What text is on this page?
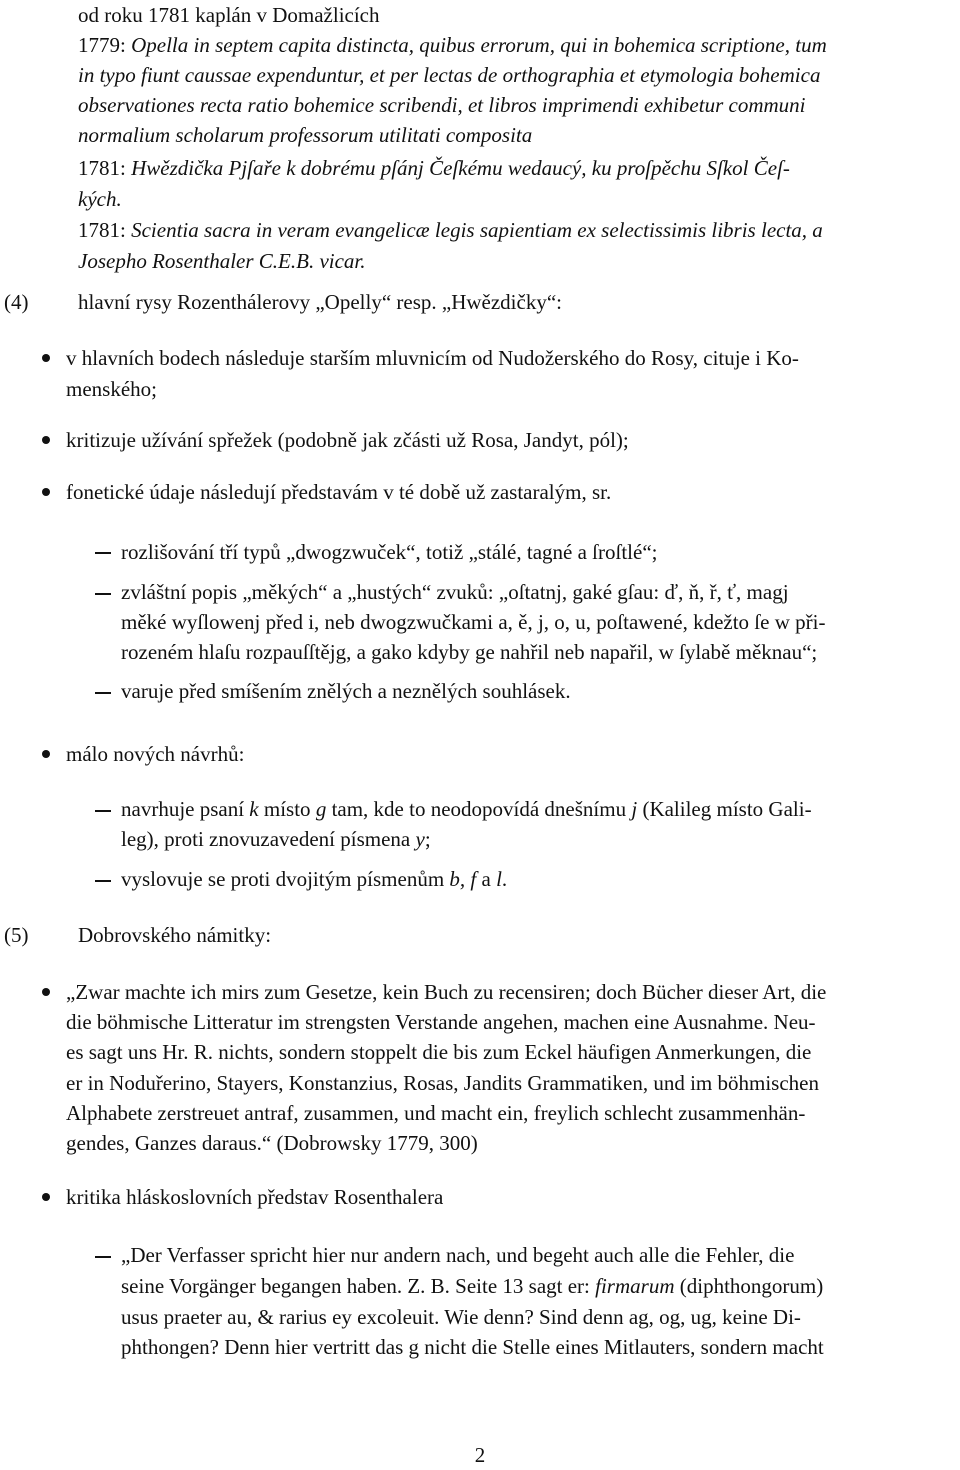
od roku 1781 kaplán v Domažlicích
1779: Opella in septem capita distincta, quibus errorum, qui in bohemica scriptione, tum
in typo fiunt caussae expenduntur, et per lectas de orthographia et etymologia bohemica
observationes recta ratio bohemice scribendi, et libros imprimendi exhibetur communi
normalium scholarum professorum utilitati composita
1781: Hwězdička Pjſaře k dobrému pſánj Čeſkému wedaucý, ku proſpěchu Sſkol Čeſ-
kých.
1781: Scientia sacra in veram evangelicæ legis sapientiam ex selectissimis libris lecta, a
Josepho Rosenthaler C.E.B. vicar.
(4) hlavní rysy Rozenthálerovy „Opelly“ resp. „Hwězdičky“:
v hlavních bodech následuje starším mluvnicím od Nudožerského do Rosy, cituje i Ko-
menského;
kritizuje užívání spřežek (podobně jak zčásti už Rosa, Jandyt, pól);
fonetické údaje následují představám v té době už zastaralým, sr.
rozlišování tří typů „dwogzwuček“, totiž „stálé, tagné a ſroſtlé“;
zvláštní popis „měkých“ a „hustých“ zvuků: „oſtatnj, gaké gſau: ď, ň, ř, ť, magj
měké wyſlowenj před i, neb dwogzwučkami a, ě, j, o, u, poſtawené, kdežto ſe w při-
rozeném hlaſu rozpauſſtějg, a gako kdyby ge nahřil neb napařil, w ſylabě měknau“;
varuje před smíšením znělých a neznělých souhlásek.
málo nových návrhů:
navrhuje psaní k místo g tam, kde to neodopovídá dnešnímu j (Kalileg místo Gali-
leg), proti znovuzavedení písmena y;
vyslovuje se proti dvojitým písmenům b, f a l.
(5) Dobrovského námitky:
„Zwar machte ich mirs zum Gesetze, kein Buch zu recensiren; doch Bücher dieser Art, die
die böhmische Litteratur im strengsten Verstande angehen, machen eine Ausnahme. Neu-
es sagt uns Hr. R. nichts, sondern stoppelt die bis zum Eckel häufigen Anmerkungen, die
er in Noduřerino, Stayers, Konstanzius, Rosas, Jandits Grammatiken, und im böhmischen
Alphabete zerstreuet antraf, zusammen, und macht ein, freylich schlecht zusammenhän-
gendes, Ganzes daraus.“ (Dobrowsky 1779, 300)
kritika hláskoslovních představ Rosenthalera
„Der Verfasser spricht hier nur andern nach, und begeht auch alle die Fehler, die
seine Vorgänger begangen haben. Z. B. Seite 13 sagt er: firmarum (diphthongorum)
usus praeter au, & rarius ey excoleuit. Wie denn? Sind denn ag, og, ug, keine Di-
phthongen? Denn hier vertritt das g nicht die Stelle eines Mitlauters, sondern macht
2
